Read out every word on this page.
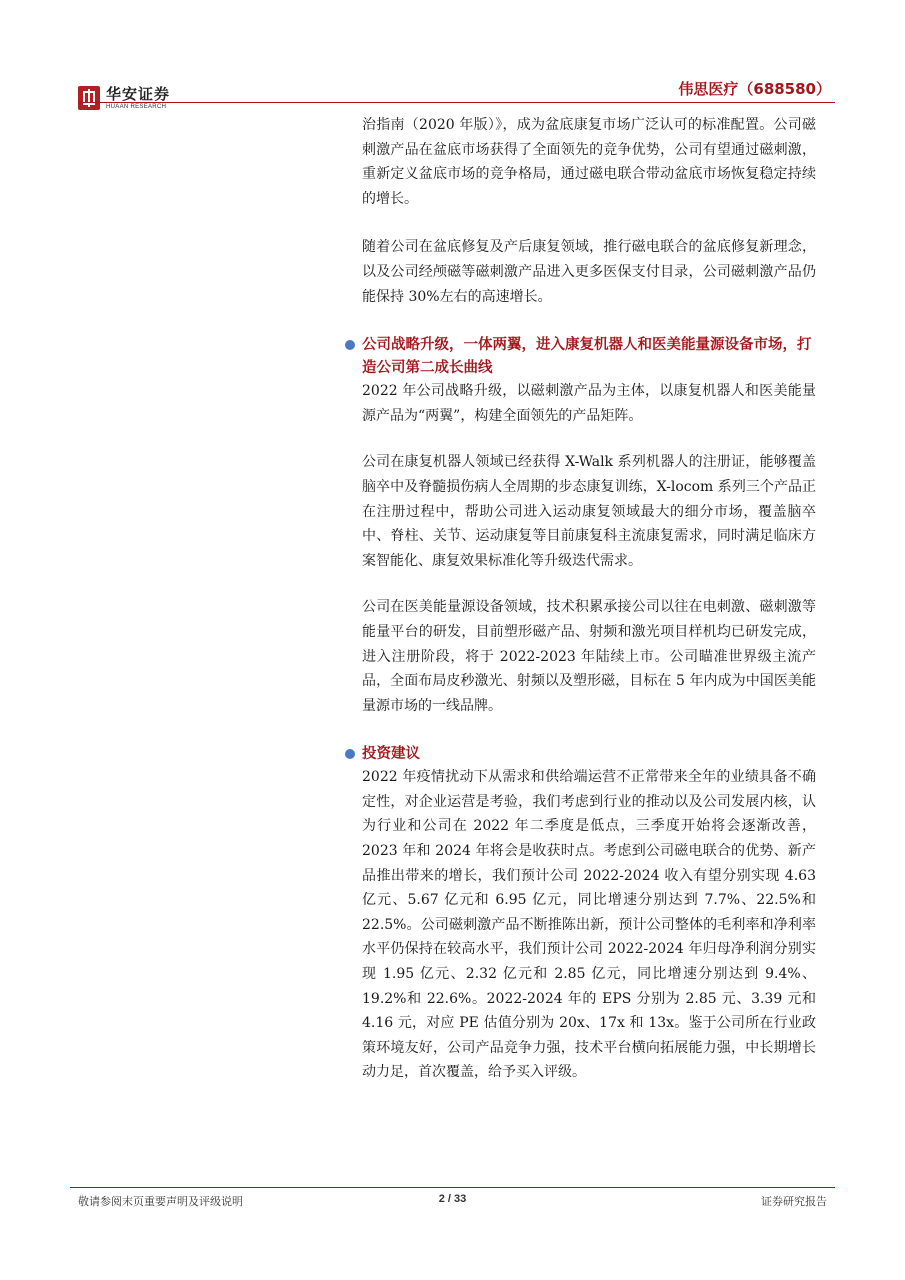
华安证券
HUAAN RESEARCH
伟思医疗（688580）

治指南（2020 年版）》，成为盆底康复市场广泛认可的标准配置。公司磁刺激产品在盆底市场获得了全面领先的竞争优势，公司有望通过磁刺激，重新定义盆底市场的竞争格局，通过磁电联合带动盆底市场恢复稳定持续的增长。

随着公司在盆底修复及产后康复领域，推行磁电联合的盆底修复新理念，以及公司经颅磁等磁刺激产品进入更多医保支付目录，公司磁刺激产品仍能保持 30%左右的高速增长。

公司战略升级，一体两翼，进入康复机器人和医美能量源设备市场，打造公司第二成长曲线

2022 年公司战略升级，以磁刺激产品为主体，以康复机器人和医美能量源产品为“两翼”，构建全面领先的产品矩阵。

公司在康复机器人领域已经获得 X-Walk 系列机器人的注册证，能够覆盖脑卒中及脊髓损伤病人全周期的步态康复训练，X-locom 系列三个产品正在注册过程中，帮助公司进入运动康复领域最大的细分市场，覆盖脑卒中、脊柱、关节、运动康复等目前康复科主流康复需求，同时满足临床方案智能化、康复效果标准化等升级迭代需求。

公司在医美能量源设备领域，技术积累承接公司以往在电刺激、磁刺激等能量平台的研发，目前塑形磁产品、射频和激光项目样机均已研发完成，进入注册阶段，将于 2022-2023 年陆续上市。公司瞄准世界级主流产品，全面布局皮秒激光、射频以及塑形磁，目标在 5 年内成为中国医美能量源市场的一线品牌。

投资建议

2022 年疫情扰动下从需求和供给端运营不正常带来全年的业绩具备不确定性，对企业运营是考验，我们考虑到行业的推动以及公司发展内核，认为行业和公司在 2022 年二季度是低点，三季度开始将会逐渐改善，2023 年和 2024 年将会是收获时点。考虑到公司磁电联合的优势、新产品推出带来的增长，我们预计公司 2022-2024 收入有望分别实现 4.63 亿元、5.67 亿元和 6.95 亿元，同比增速分别达到 7.7%、22.5%和 22.5%。公司磁刺激产品不断推陈出新，预计公司整体的毛利率和净利率水平仍保持在较高水平，我们预计公司 2022-2024 年归母净利润分别实现 1.95 亿元、2.32 亿元和 2.85 亿元，同比增速分别达到 9.4%、19.2%和 22.6%。2022-2024 年的 EPS 分别为 2.85 元、3.39 元和 4.16 元，对应 PE 估值分别为 20x、17x 和 13x。鉴于公司所在行业政策环境友好，公司产品竞争力强，技术平台横向拓展能力强，中长期增长动力足，首次覆盖，给予买入评级。

敬请参阅末页重要声明及评级说明	2 / 33	证券研究报告
